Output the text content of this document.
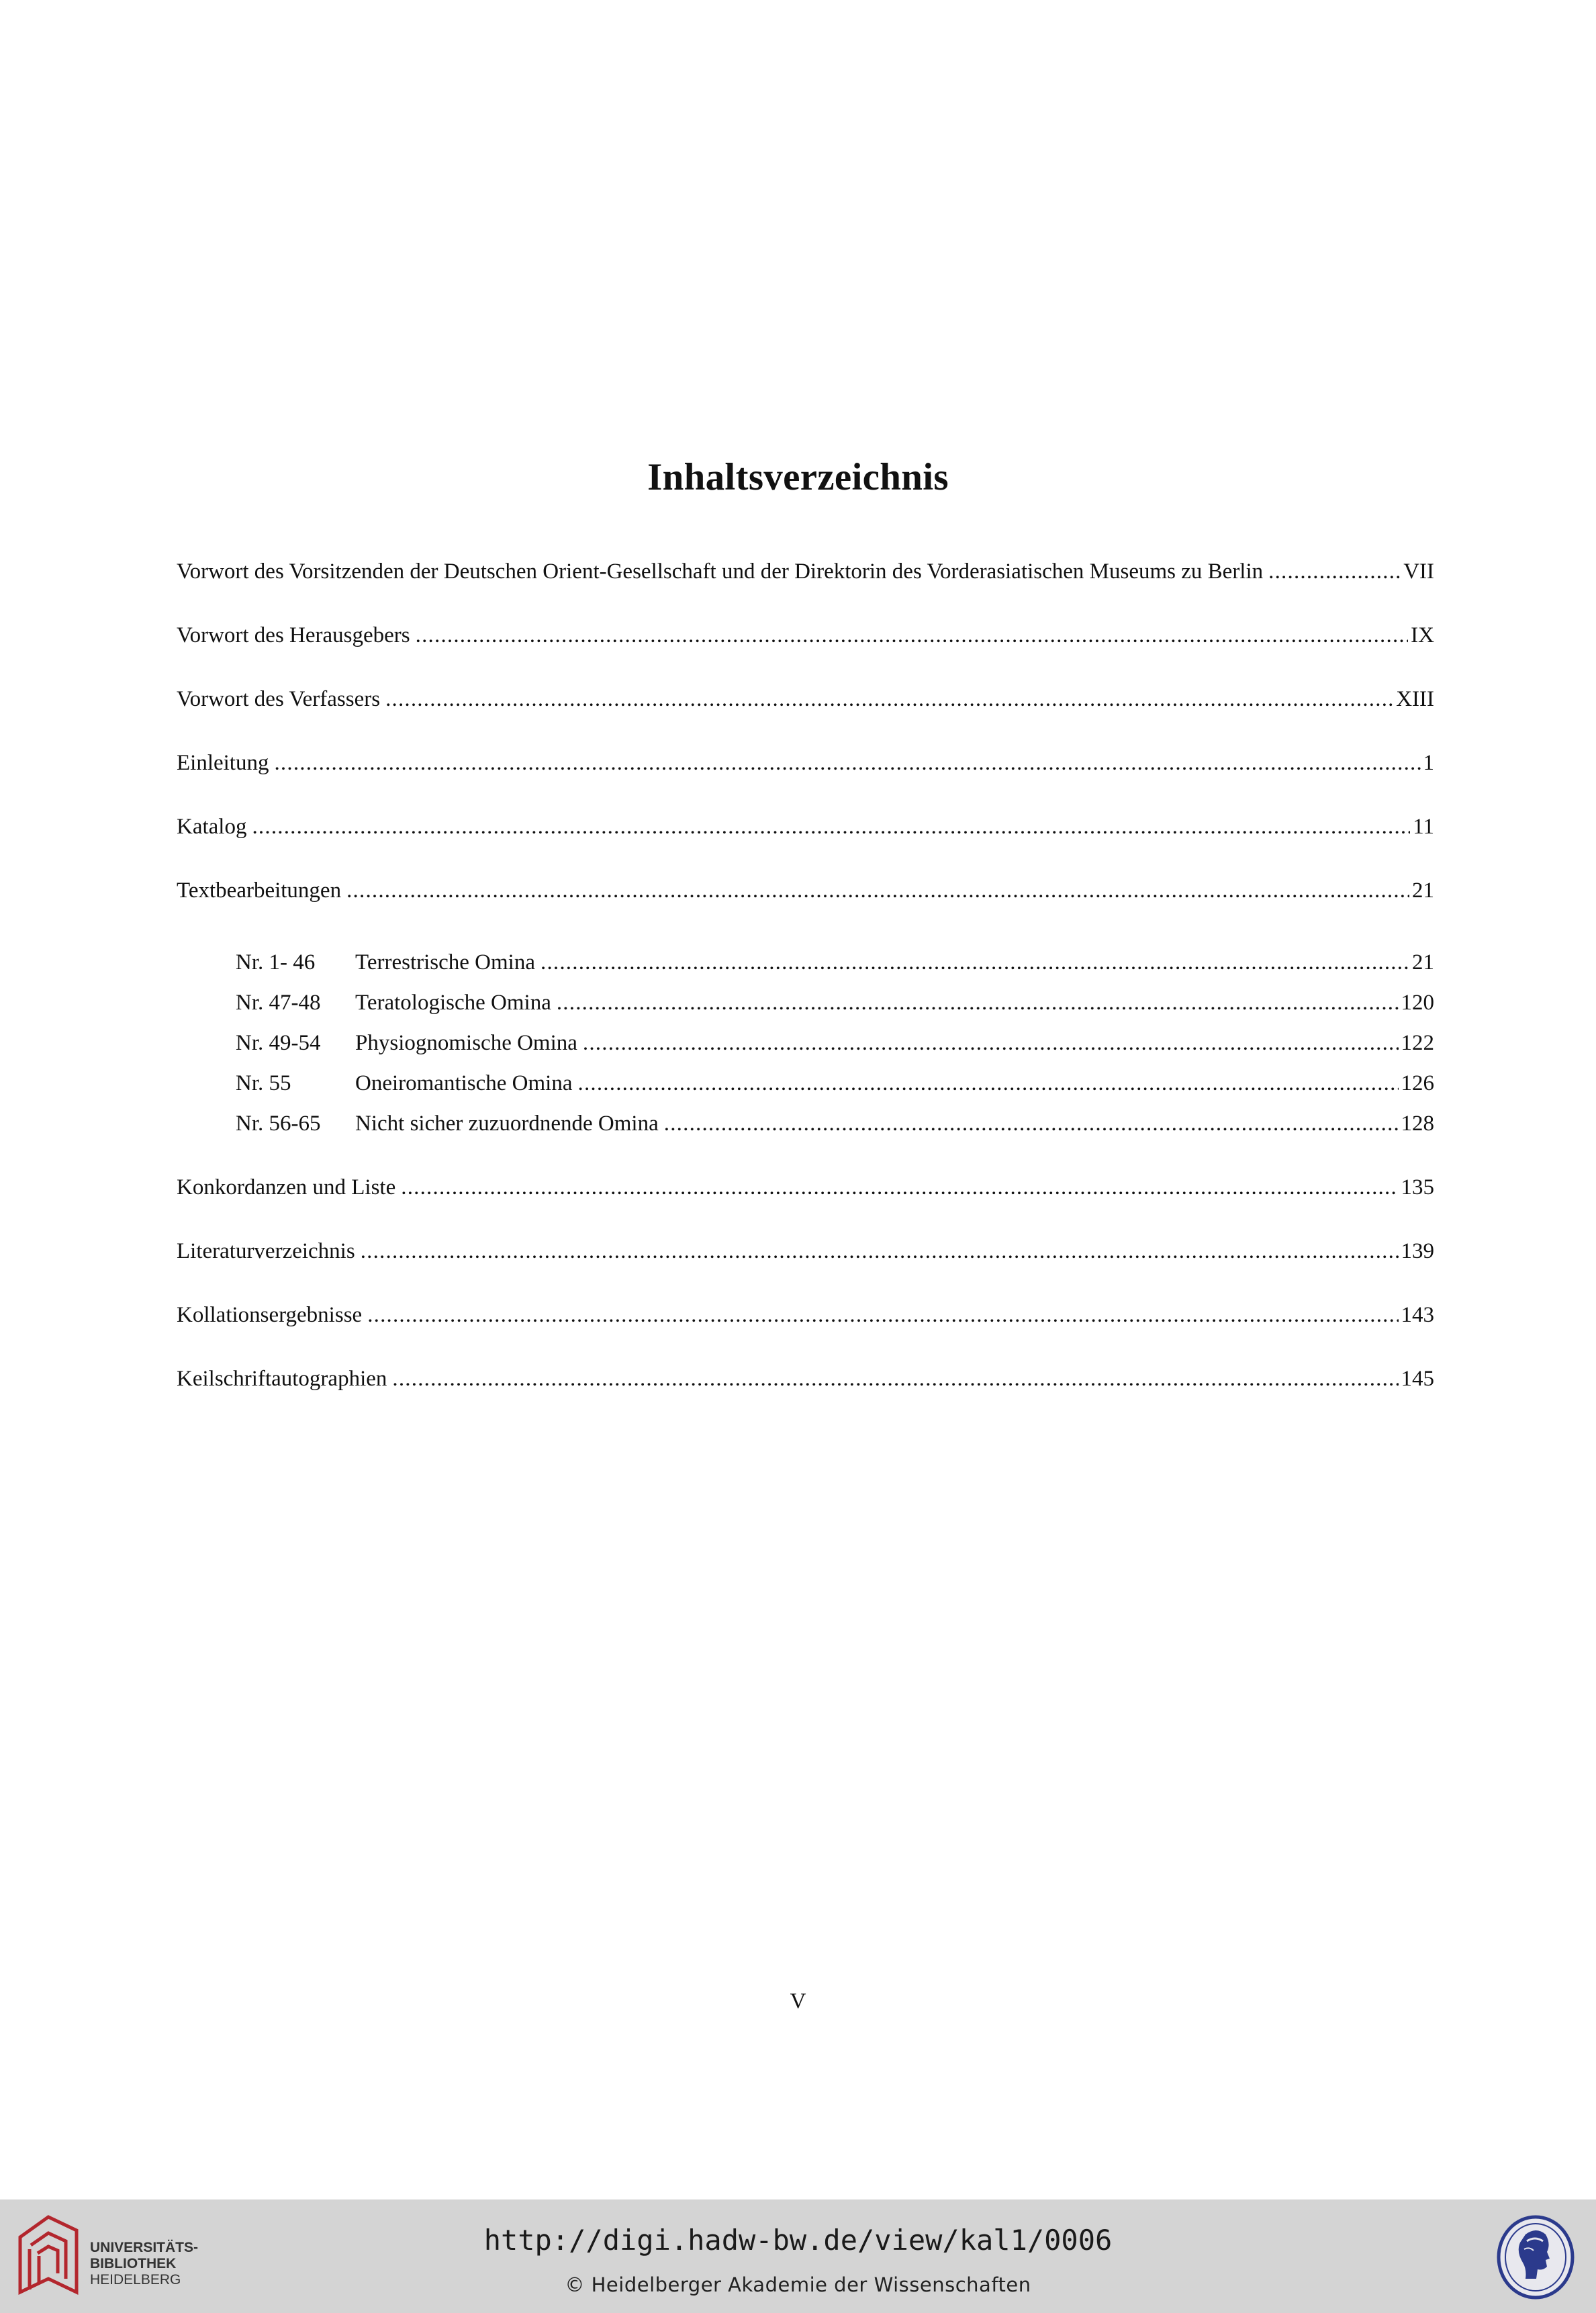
Inhaltsverzeichnis
Vorwort des Vorsitzenden der Deutschen Orient-Gesellschaft und der Direktorin des Vorderasiatischen Museums zu Berlin .....	VII
Vorwort des Herausgebers .....	IX
Vorwort des Verfassers .....	XIII
Einleitung .....	1
Katalog .....	11
Textbearbeitungen .....	21
Nr. 1- 46	Terrestrische Omina .....	21
Nr. 47-48	Teratologische Omina .....	120
Nr. 49-54	Physiognomische Omina .....	122
Nr. 55	Oneiromantische Omina .....	126
Nr. 56-65	Nicht sicher zuzuordnende Omina .....	128
Konkordanzen und Liste .....	135
Literaturverzeichnis .....	139
Kollationsergebnisse .....	143
Keilschriftautographien .....	145
V
UNIVERSITÄTS-
BIBLIOTHEK
HEIDELBERG
http://digi.hadw-bw.de/view/kal1/0006
© Heidelberger Akademie der Wissenschaften
